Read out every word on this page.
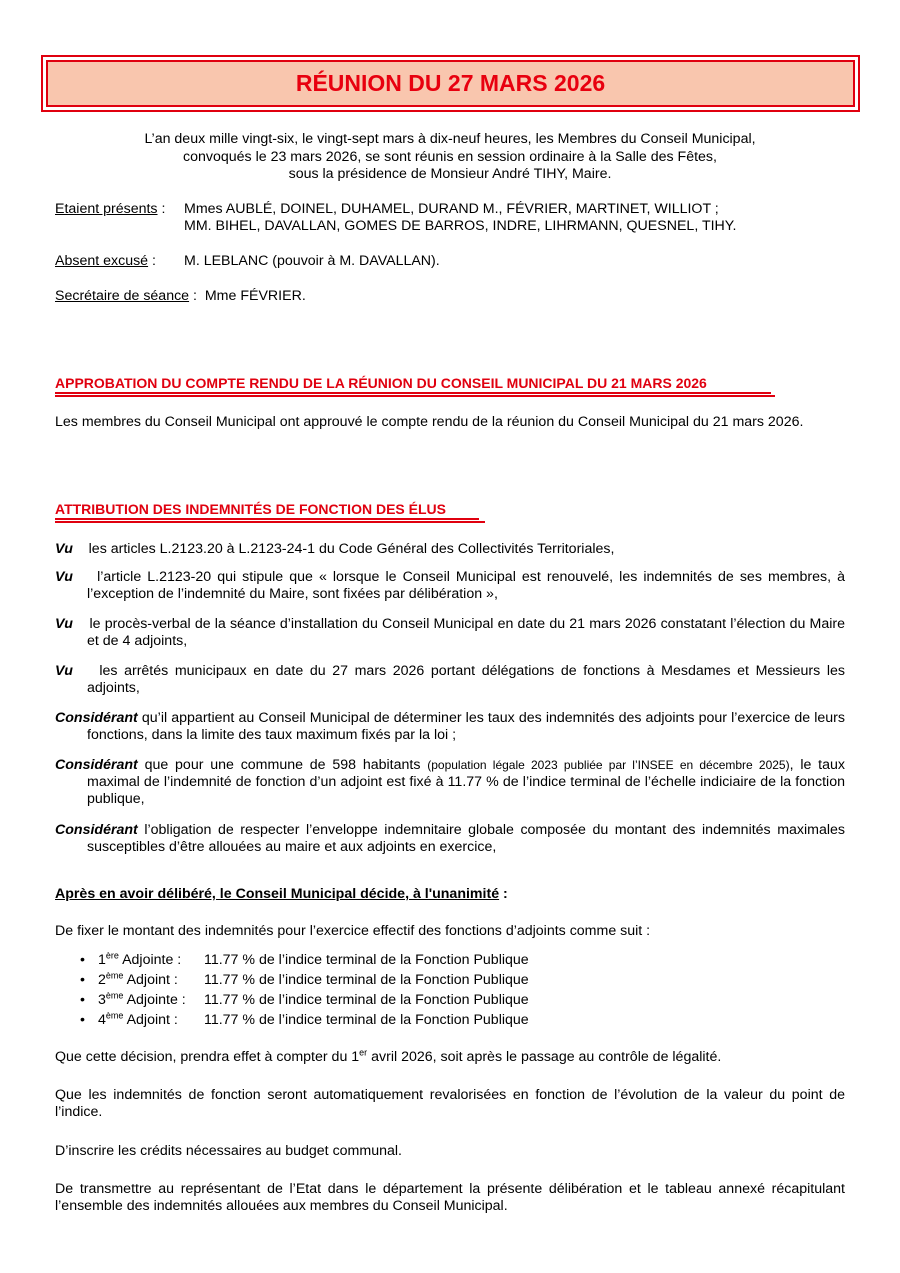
RÉUNION DU 27 MARS 2026
L’an deux mille vingt-six, le vingt-sept mars à dix-neuf heures, les Membres du Conseil Municipal,
convoqués le 23 mars 2026, se sont réunis en session ordinaire à la Salle des Fêtes,
sous la présidence de Monsieur André TIHY, Maire.
Etaient présents : Mmes AUBLÉ, DOINEL, DUHAMEL, DURAND M., FÉVRIER, MARTINET, WILLIOT ;
MM. BIHEL, DAVALLAN, GOMES DE BARROS, INDRE, LIHRMANN, QUESNEL, TIHY.
Absent excusé : M. LEBLANC (pouvoir à M. DAVALLAN).
Secrétaire de séance : Mme FÉVRIER.
APPROBATION DU COMPTE RENDU DE LA RÉUNION DU CONSEIL MUNICIPAL DU 21 MARS 2026
Les membres du Conseil Municipal ont approuvé le compte rendu de la réunion du Conseil Municipal du 21 mars 2026.
ATTRIBUTION DES INDEMNITÉS DE FONCTION DES ÉLUS
Vu les articles L.2123.20 à L.2123-24-1 du Code Général des Collectivités Territoriales,
Vu l’article L.2123-20 qui stipule que « lorsque le Conseil Municipal est renouvelé, les indemnités de ses membres, à l’exception de l’indemnité du Maire, sont fixées par délibération »,
Vu le procès-verbal de la séance d’installation du Conseil Municipal en date du 21 mars 2026 constatant l’élection du Maire et de 4 adjoints,
Vu les arrêtés municipaux en date du 27 mars 2026 portant délégations de fonctions à Mesdames et Messieurs les adjoints,
Considérant qu’il appartient au Conseil Municipal de déterminer les taux des indemnités des adjoints pour l’exercice de leurs fonctions, dans la limite des taux maximum fixés par la loi ;
Considérant que pour une commune de 598 habitants (population légale 2023 publiée par l’INSEE en décembre 2025), le taux maximal de l’indemnité de fonction d’un adjoint est fixé à 11.77 % de l’indice terminal de l’échelle indiciaire de la fonction publique,
Considérant l’obligation de respecter l’enveloppe indemnitaire globale composée du montant des indemnités maximales susceptibles d’être allouées au maire et aux adjoints en exercice,
Après en avoir délibéré, le Conseil Municipal décide, à l'unanimité :
De fixer le montant des indemnités pour l’exercice effectif des fonctions d’adjoints comme suit :
• 1ère Adjointe : 11.77 % de l’indice terminal de la Fonction Publique
• 2ème Adjoint : 11.77 % de l’indice terminal de la Fonction Publique
• 3ème Adjointe : 11.77 % de l’indice terminal de la Fonction Publique
• 4ème Adjoint : 11.77 % de l’indice terminal de la Fonction Publique
Que cette décision, prendra effet à compter du 1er avril 2026, soit après le passage au contrôle de légalité.
Que les indemnités de fonction seront automatiquement revalorisées en fonction de l’évolution de la valeur du point de l’indice.
D’inscrire les crédits nécessaires au budget communal.
De transmettre au représentant de l’Etat dans le département la présente délibération et le tableau annexé récapitulant l’ensemble des indemnités allouées aux membres du Conseil Municipal.
